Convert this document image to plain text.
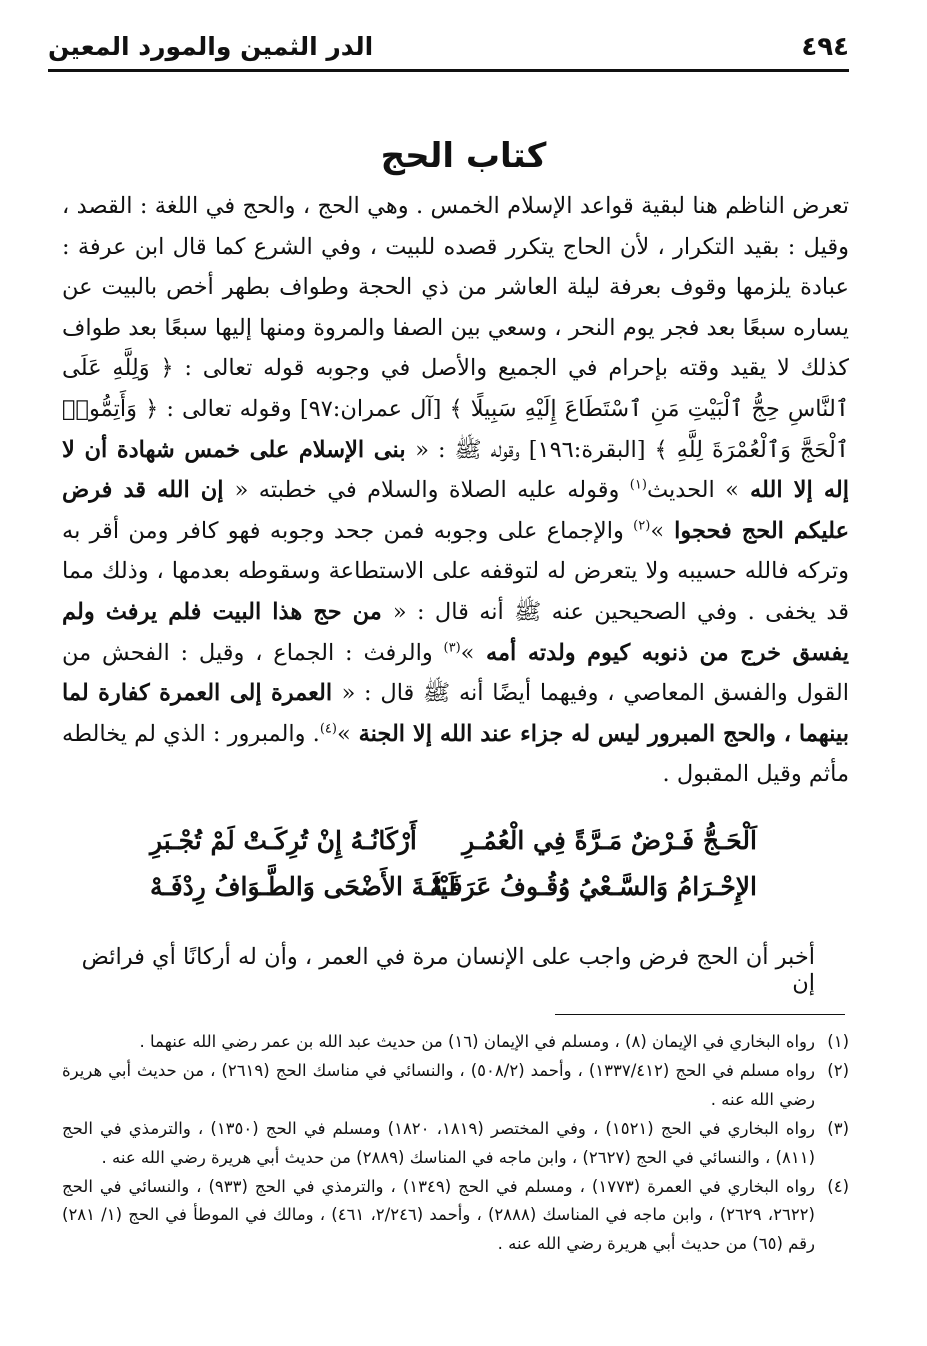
٤٩٤
الدر الثمين والمورد المعين
كتاب الحج

تعرض الناظم هنا لبقية قواعد الإسلام الخمس . وهي الحج ، والحج في اللغة : القصد ، وقيل : بقيد التكرار ، لأن الحاج يتكرر قصده للبيت ، وفي الشرع كما قال ابن عرفة : عبادة يلزمها وقوف بعرفة ليلة العاشر من ذي الحجة وطواف بطهر أخص بالبيت عن يساره سبعًا بعد فجر يوم النحر ، وسعي بين الصفا والمروة ومنها إليها سبعًا بعد طواف كذلك لا يقيد وقته بإحرام في الجميع والأصل في وجوبه قوله تعالى : ﴿ وَلِلَّهِ عَلَى ٱلنَّاسِ حِجُّ ٱلْبَيْتِ مَنِ ٱسْتَطَاعَ إِلَيْهِ سَبِيلًا ﴾ [آل عمران:٩٧] وقوله تعالى : ﴿ وَأَتِمُّوا۟ ٱلْحَجَّ وَٱلْعُمْرَةَ لِلَّهِ ﴾ [البقرة:١٩٦] وقوله ﷺ : « بنى الإسلام على خمس شهادة أن لا إله إلا الله » الحديث$^{(١)}$ وقوله عليه الصلاة والسلام في خطبته « إن الله قد فرض عليكم الحج فحجوا »$^{(٢)}$ والإجماع على وجوبه فمن جحد وجوبه فهو كافر ومن أقر به وتركه فالله حسيبه ولا يتعرض له لتوقفه على الاستطاعة وسقوطه بعدمها ، وذلك مما قد يخفى . وفي الصحيحين عنه ﷺ أنه قال : « من حج هذا البيت فلم يرفث ولم يفسق خرج من ذنوبه كيوم ولدته أمه »$^{(٣)}$ والرفث : الجماع ، وقيل : الفحش من القول والفسق المعاصي ، وفيهما أيضًا أنه ﷺ قال : « العمرة إلى العمرة كفارة لما بينهما ، والحج المبرور ليس له جزاء عند الله إلا الجنة »$^{(٤)}$. والمبرور : الذي لم يخالطه مأثم وقيل المقبول .

اَلْحَـجُّ فَـرْضٌ مَـرَّةً فِي الْعُمُـرِ
أَرْكَانُـهُ إِنْ تُرِكَـتْ لَمْ تُجْـبَرِ
الإِحْـرَامُ وَالسَّـعْيُ وُقُـوفُ عَرَفَـهْ
لَيْلَـةَ الأَضْحَى وَالطَّـوَافُ رِدْفَـهْ
أخبر أن الحج فرض واجب على الإنسان مرة في العمر ، وأن له أركانًا أي فرائض إن

(١)
رواه البخاري في الإيمان (٨) ، ومسلم في الإيمان (١٦) من حديث عبد الله بن عمر رضي الله عنهما .

(٢)
رواه مسلم في الحج (١٣٣٧/٤١٢) ، وأحمد (٥٠٨/٢) ، والنسائي في مناسك الحج (٢٦١٩) ، من حديث أبي هريرة رضي الله عنه .

(٣)
رواه البخاري في الحج (١٥٢١) ، وفي المختصر (١٨١٩، ١٨٢٠) ومسلم في الحج (١٣٥٠) ، والترمذي في الحج (٨١١) ، والنسائي في الحج (٢٦٢٧) ، وابن ماجه في المناسك (٢٨٨٩) من حديث أبي هريرة رضي الله عنه .

(٤)
رواه البخاري في العمرة (١٧٧٣) ، ومسلم في الحج (١٣٤٩) ، والترمذي في الحج (٩٣٣) ، والنسائي في الحج (٢٦٢٢، ٢٦٢٩) ، وابن ماجه في المناسك (٢٨٨٨) ، وأحمد (٢/٢٤٦، ٤٦١) ، ومالك في الموطأ في الحج (١/ ٢٨١) رقم (٦٥) من حديث أبي هريرة رضي الله عنه .
